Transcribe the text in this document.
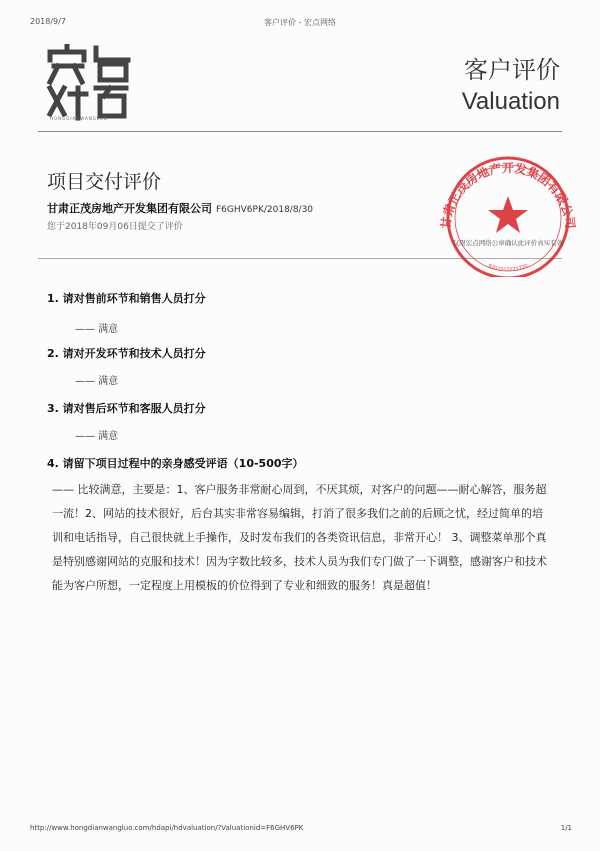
2018/9/7	客户评价 - 宏点网络
HONGDIANWANGLUO
客户评价
Valuation
项目交付评价
甘肃正茂房地产开发集团有限公司 F6GHV6PK/2018/8/30
您于2018年09月06日提交了评价
1. 请对售前环节和销售人员打分
—— 满意
2. 请对开发环节和技术人员打分
—— 满意
3. 请对售后环节和客服人员打分
—— 满意
4. 请留下项目过程中的亲身感受评语（10-500字）
—— 比较满意，主要是：1、客户服务非常耐心周到，不厌其烦，对客户的问题——耐心解答，服务超
一流！2、网站的技术很好，后台其实非常容易编辑，打消了很多我们之前的后顾之忧，经过简单的培
训和电话指导，自己很快就上手操作，及时发布我们的各类资讯信息，非常开心！ 3、调整菜单那个真
是特别感谢网站的克服和技术！因为字数比较多，技术人员为我们专门做了一下调整，感谢客户和技术
能为客户所想，一定程度上用模板的价位得到了专业和细致的服务！真是超值！
甘肃正茂房地产开发集团有限公司
仅限宏点网络公章确认此评价真实有效
6201011071720
http://www.hongdianwangluo.com/hdapi/hdvaluation/?Valuationid=F6GHV6PK	1/1
